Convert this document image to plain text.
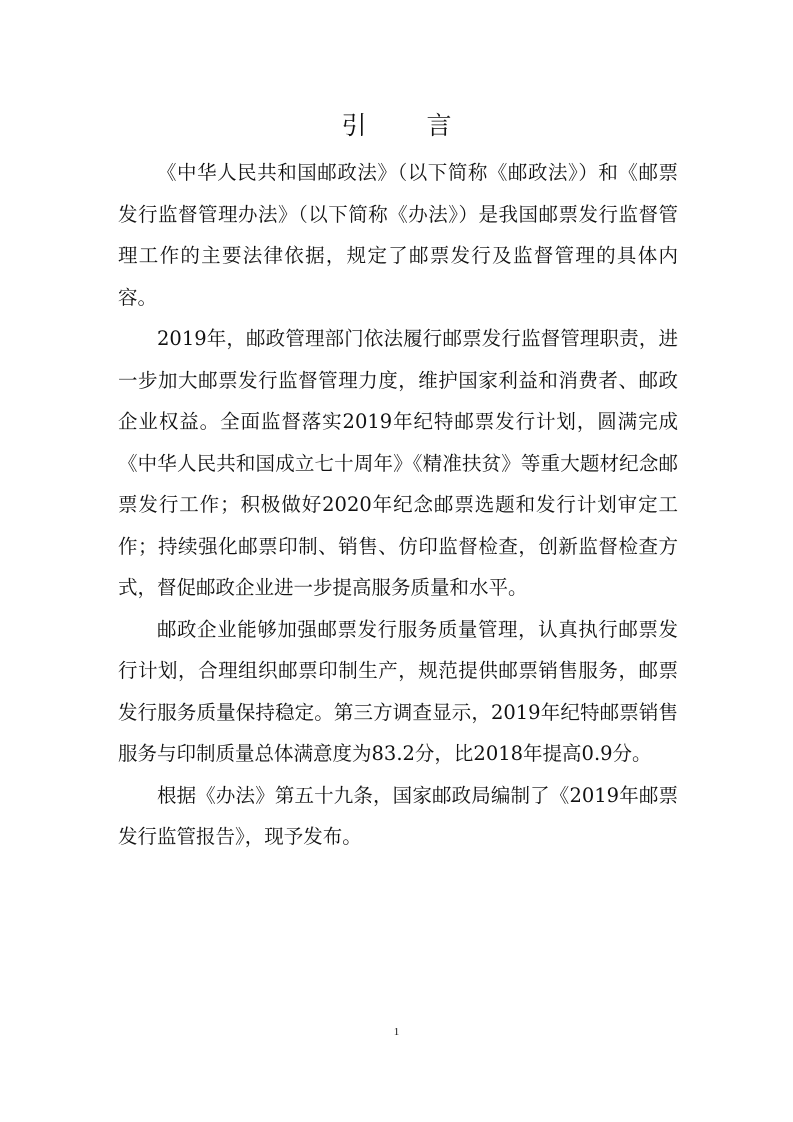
引 言

《中华人民共和国邮政法》（以下简称《邮政法》）和《邮票发行监督管理办法》（以下简称《办法》）是我国邮票发行监督管理工作的主要法律依据，规定了邮票发行及监督管理的具体内容。

2019年，邮政管理部门依法履行邮票发行监督管理职责，进一步加大邮票发行监督管理力度，维护国家利益和消费者、邮政企业权益。全面监督落实2019年纪特邮票发行计划，圆满完成《中华人民共和国成立七十周年》《精准扶贫》等重大题材纪念邮票发行工作；积极做好2020年纪念邮票选题和发行计划审定工作；持续强化邮票印制、销售、仿印监督检查，创新监督检查方式，督促邮政企业进一步提高服务质量和水平。

邮政企业能够加强邮票发行服务质量管理，认真执行邮票发行计划，合理组织邮票印制生产，规范提供邮票销售服务，邮票发行服务质量保持稳定。第三方调查显示，2019年纪特邮票销售服务与印制质量总体满意度为83.2分，比2018年提高0.9分。

根据《办法》第五十九条，国家邮政局编制了《2019年邮票发行监管报告》，现予发布。

1
